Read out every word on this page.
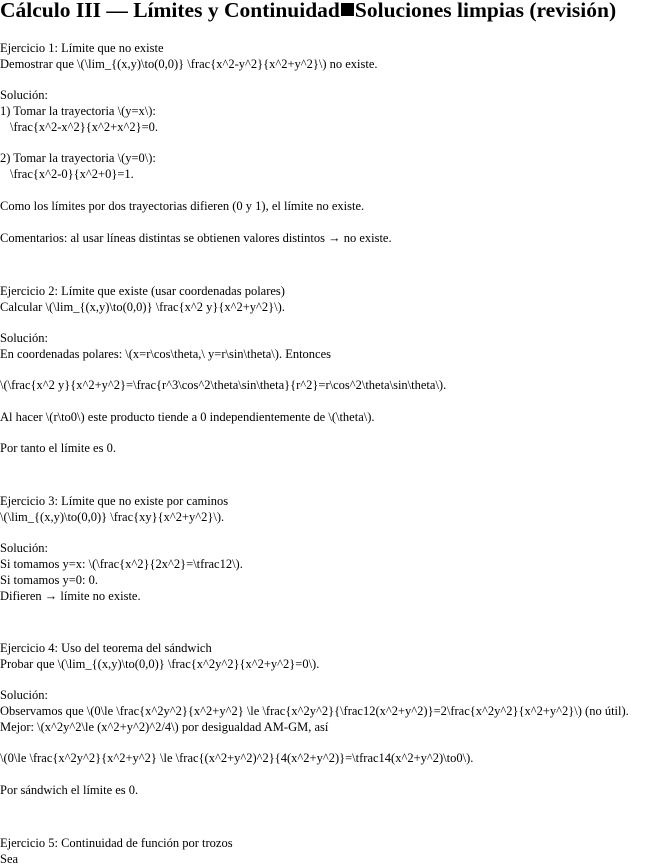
Cálculo III — Límites y Continuidad Soluciones limpias (revisión)
Ejercicio 1: Límite que no existe
Demostrar que \(\lim_{(x,y)\to(0,0)} \frac{x^2-y^2}{x^2+y^2}\) no existe.
Solución:
1) Tomar la trayectoria \(y=x\):
\frac{x^2-x^2}{x^2+x^2}=0.
2) Tomar la trayectoria \(y=0\):
\frac{x^2-0}{x^2+0}=1.
Como los límites por dos trayectorias difieren (0 y 1), el límite no existe.
Comentarios: al usar líneas distintas se obtienen valores distintos → no existe.
Ejercicio 2: Límite que existe (usar coordenadas polares)
Calcular \(\lim_{(x,y)\to(0,0)} \frac{x^2 y}{x^2+y^2}\).
Solución:
En coordenadas polares: \(x=r\cos\theta,\ y=r\sin\theta\). Entonces
\(\frac{x^2 y}{x^2+y^2}=\frac{r^3\cos^2\theta\sin\theta}{r^2}=r\cos^2\theta\sin\theta\).
Al hacer \(r\to0\) este producto tiende a 0 independientemente de \(\theta\).
Por tanto el límite es 0.
Ejercicio 3: Límite que no existe por caminos
\(\lim_{(x,y)\to(0,0)} \frac{xy}{x^2+y^2}\).
Solución:
Si tomamos y=x: \(\frac{x^2}{2x^2}=\tfrac12\).
Si tomamos y=0: 0.
Difieren → límite no existe.
Ejercicio 4: Uso del teorema del sándwich
Probar que \(\lim_{(x,y)\to(0,0)} \frac{x^2y^2}{x^2+y^2}=0\).
Solución:
Observamos que \(0\le \frac{x^2y^2}{x^2+y^2} \le \frac{x^2y^2}{\frac12(x^2+y^2)}=2\frac{x^2y^2}{x^2+y^2}\) (no útil).
Mejor: \(x^2y^2\le (x^2+y^2)^2/4\) por desigualdad AM-GM, así
\(0\le \frac{x^2y^2}{x^2+y^2} \le \frac{(x^2+y^2)^2}{4(x^2+y^2)}=\tfrac14(x^2+y^2)\to0\).
Por sándwich el límite es 0.
Ejercicio 5: Continuidad de función por trozos
Sea
